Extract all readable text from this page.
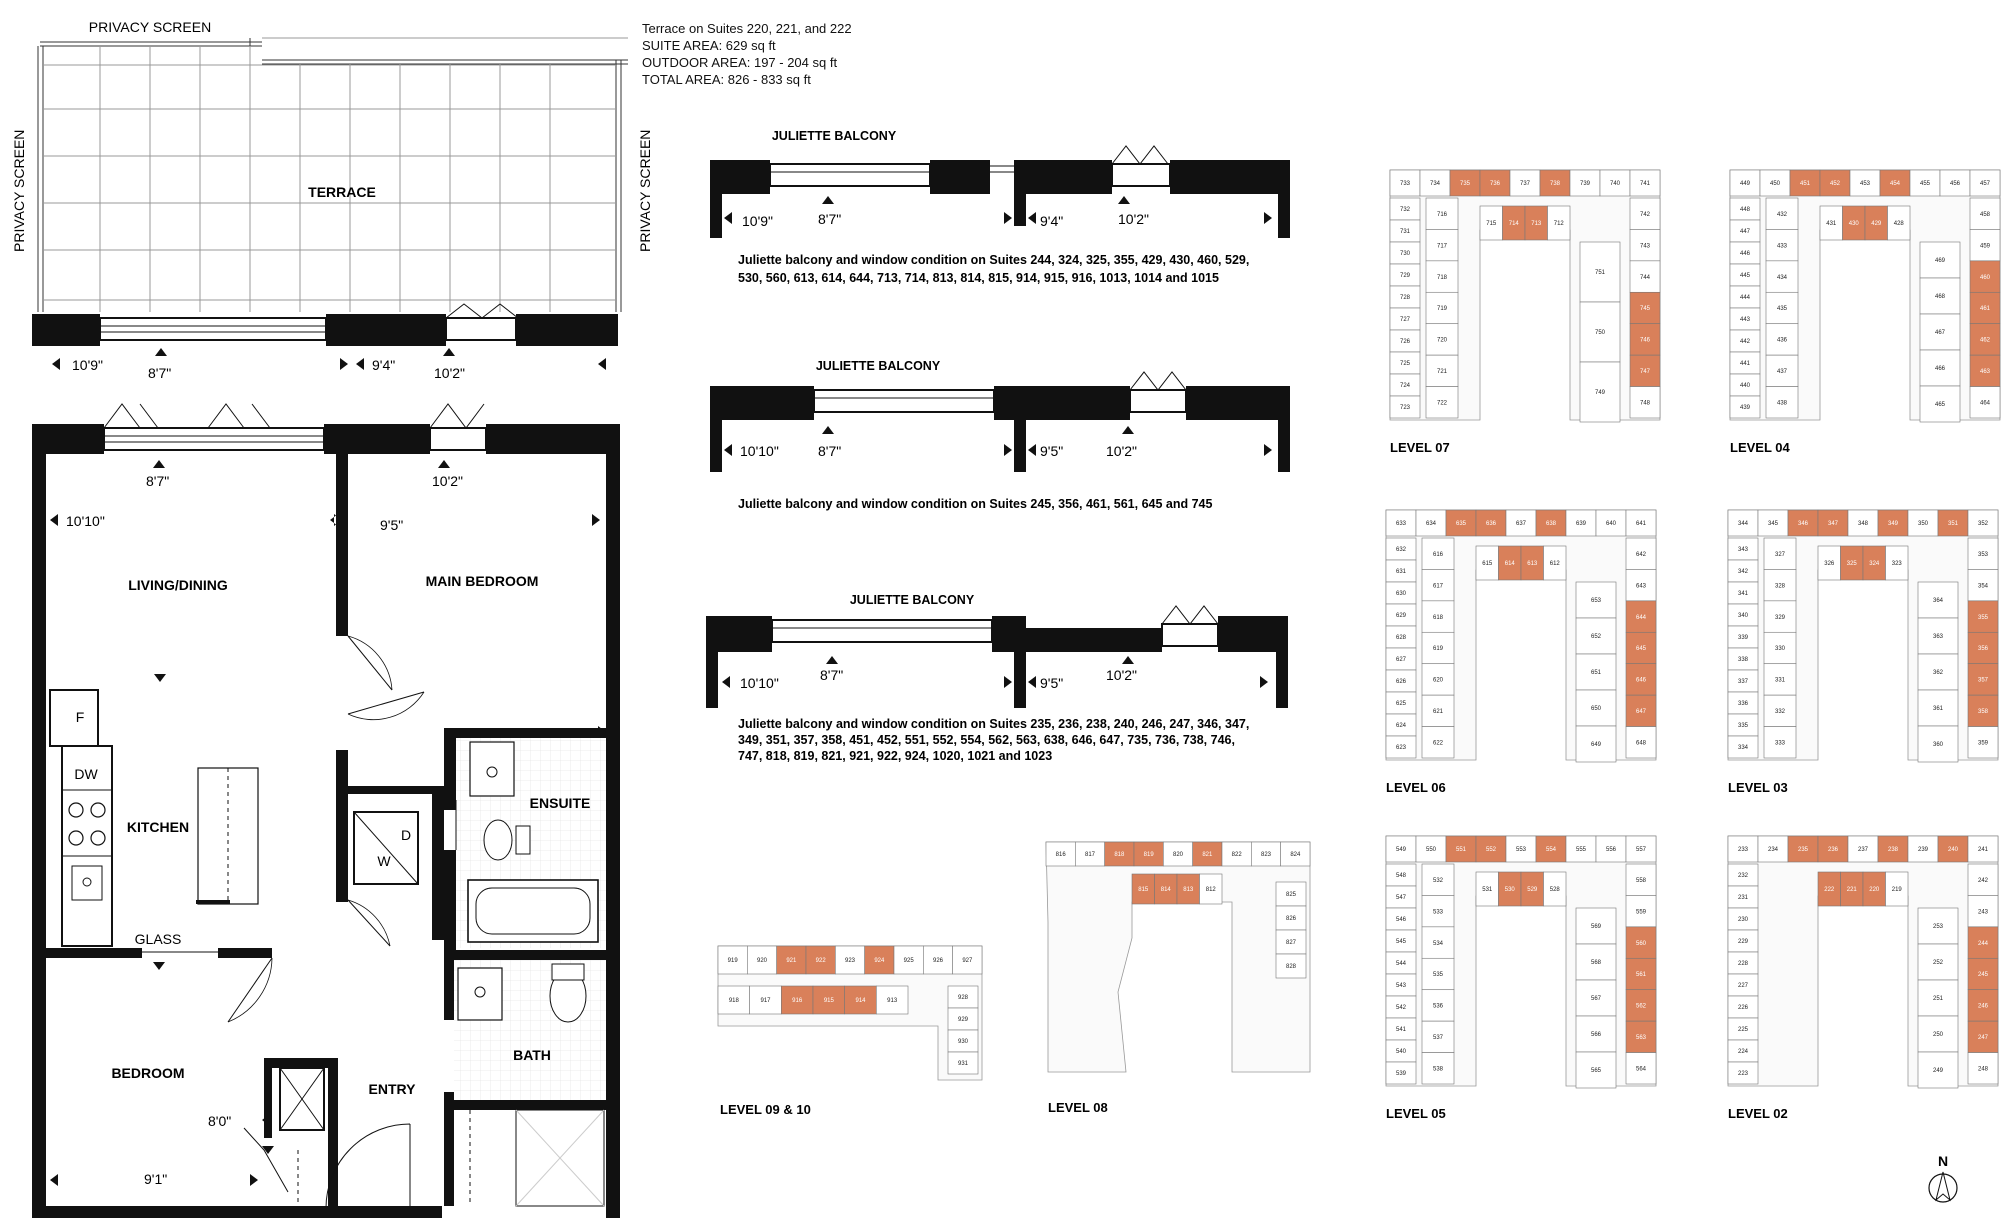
Terrace on Suites 220, 221, and 222
SUITE AREA: 629 sq ft
OUTDOOR AREA: 197 - 204 sq ft
TOTAL AREA: 826 - 833 sq ft
PRIVACY SCREEN
PRIVACY SCREEN	PRIVACY SCREEN
TERRACE
10'9"	8'7"	9'4"	10'2"
8'7"	10'2"
10'10"	9'5"
LIVING/DINING	MAIN BEDROOM
F
DW
KITCHEN
GLASS
BEDROOM
8'0"
9'1"
ENTRY
D
W
ENSUITE
BATH
JULIETTE BALCONY
10'9"	8'7"	9'4"	10'2"
Juliette balcony and window condition on Suites 244, 324, 325, 355, 429, 430, 460, 529,
530, 560, 613, 614, 644, 713, 714, 813, 814, 815, 914, 915, 916, 1013, 1014 and 1015
JULIETTE BALCONY
10'10"	8'7"	9'5"	10'2"
Juliette balcony and window condition on Suites 245, 356, 461, 561, 645 and 745
JULIETTE BALCONY
10'10"	8'7"	9'5"	10'2"
Juliette balcony and window condition on Suites 235, 236, 238, 240, 246, 247, 346, 347,
349, 351, 357, 358, 451, 452, 551, 552, 554, 562, 563, 638, 646, 647, 735, 736, 738, 746,
747, 818, 819, 821, 921, 922, 924, 1020, 1021 and 1023
733	734	735	736	737	738	739	740	741
715 714 713 712
732
731
730
729
728
727
726
725
724
723
716
717
718
719
720
721
722
742
743
744
745
746
747
748
751
750
749
LEVEL 07
449	450	451	452	453	454	455	456	457
431 430 429 428
448
447
446
445
444
443
442
441
440
439
432
433
434
435
436
437
438
458
459
460
461
462
463
464
469
468
467
466
465
LEVEL 04
633	634	635	636	637	638	639	640	641
615 614 613 612
632
631
630
629
628
627
626
625
624
623
616
617
618
619
620
621
622
642
643
644
645
646
647
648
653
652
651
650
649
LEVEL 06
344	345	346	347	348	349	350	351	352
326 325 324 323
343
342
341
340
339
338
337
336
335
334
327
328
329
330
331
332
333
353
354
355
356
357
358
359
364
363
362
361
360
LEVEL 03
549	550	551	552	553	554	555	556	557
531 530 529 528
548
547
546
545
544
543
542
541
540
539
532
533
534
535
536
537
538
558
559
560
561
562
563
564
569
568
567
566
565
LEVEL 05
233	234	235	236	237	238	239	240	241
222 221 220 219
232
231
230
229
228
227
226
225
224
223
242
243
244
245
246
247
248
253
252
251
250
249
LEVEL 02
816	817	818	819	820	821	822	823	824
815 814 813 812
825
826
827
828
LEVEL 08
919	920	921	922	923	924	925	926	927
918	917	916	915	914	913	928
929
930
931
LEVEL 09 & 10
N
